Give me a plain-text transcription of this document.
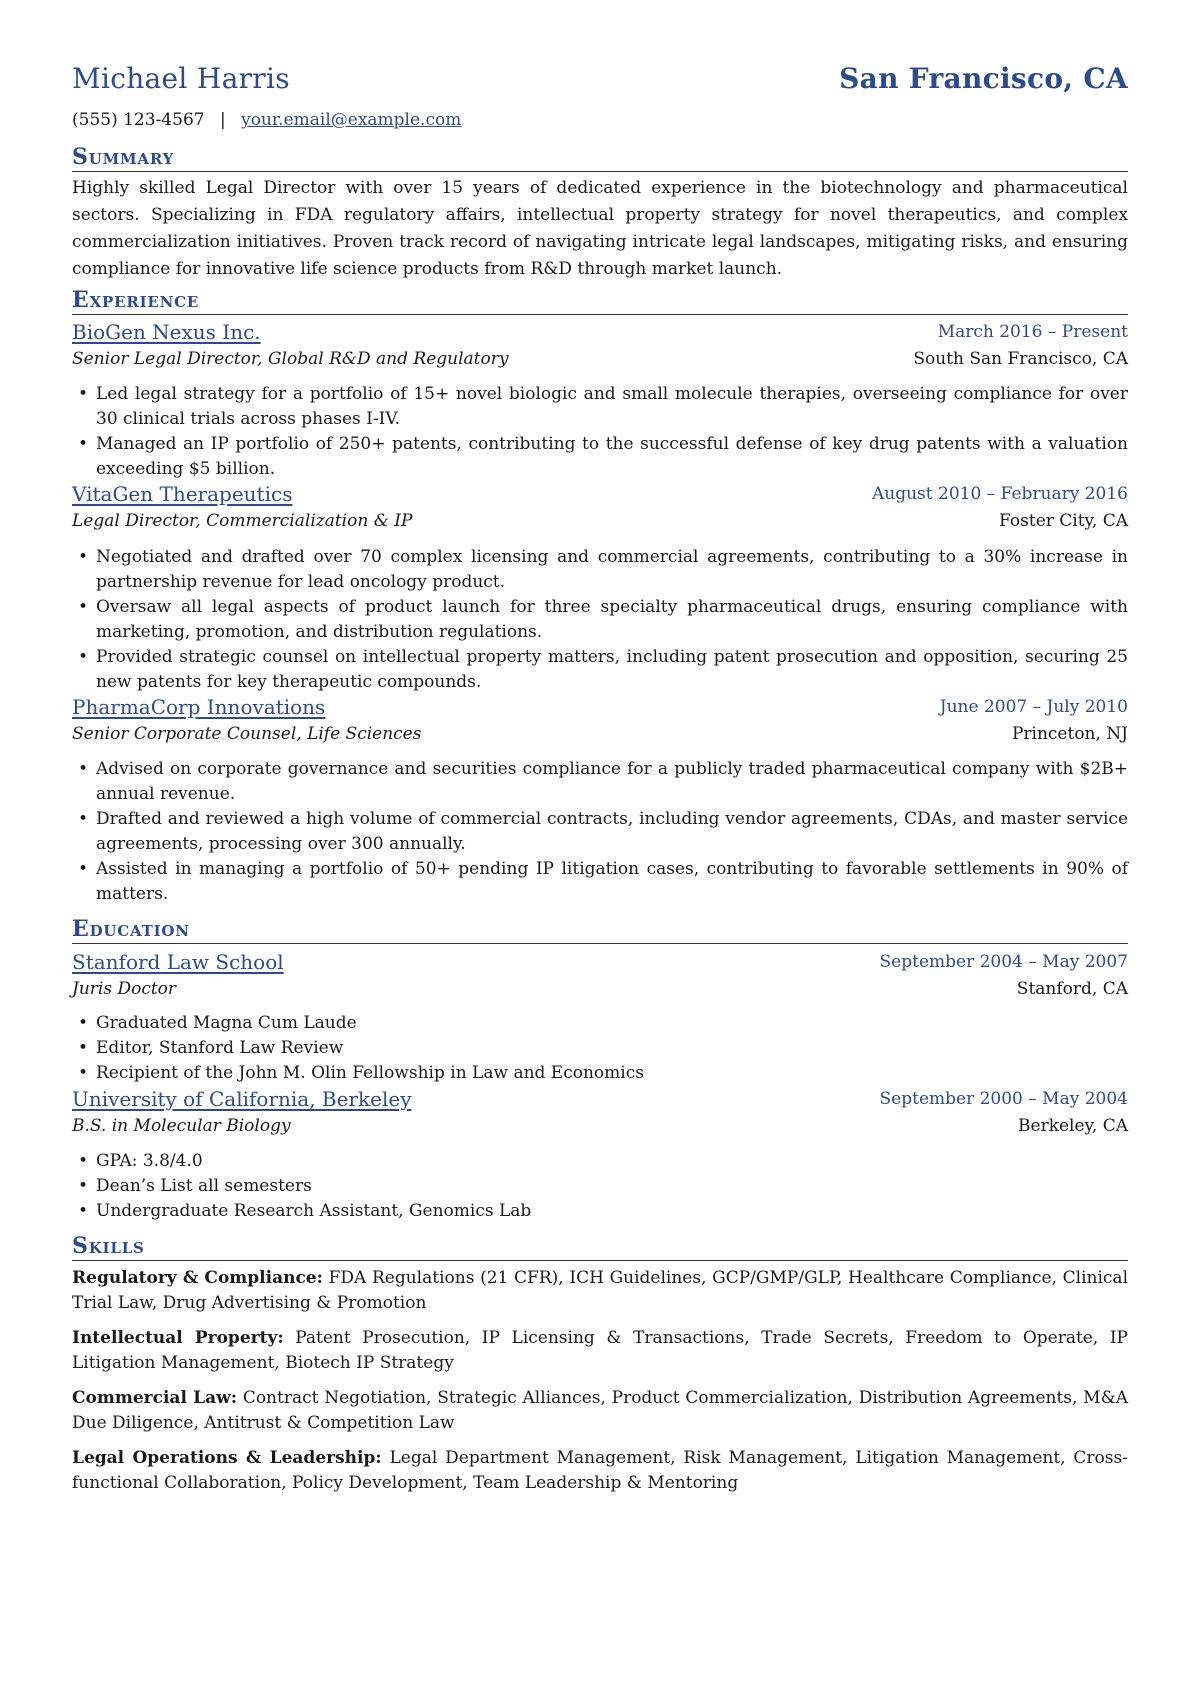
Michael Harris	San Francisco, CA
(555) 123-4567 | your.email@example.com
Summary
Highly skilled Legal Director with over 15 years of dedicated experience in the biotechnology and pharmaceutical sectors. Specializing in FDA regulatory affairs, intellectual property strategy for novel therapeutics, and complex commercialization initiatives. Proven track record of navigating intricate legal landscapes, mitigating risks, and ensuring compliance for innovative life science products from R&D through market launch.
Experience
BioGen Nexus Inc.	March 2016 – Present
Senior Legal Director, Global R&D and Regulatory	South San Francisco, CA
• Led legal strategy for a portfolio of 15+ novel biologic and small molecule therapies, overseeing compliance for over 30 clinical trials across phases I-IV.
• Managed an IP portfolio of 250+ patents, contributing to the successful defense of key drug patents with a valuation exceeding $5 billion.
VitaGen Therapeutics	August 2010 – February 2016
Legal Director, Commercialization & IP	Foster City, CA
• Negotiated and drafted over 70 complex licensing and commercial agreements, contributing to a 30% increase in partnership revenue for lead oncology product.
• Oversaw all legal aspects of product launch for three specialty pharmaceutical drugs, ensuring compliance with marketing, promotion, and distribution regulations.
• Provided strategic counsel on intellectual property matters, including patent prosecution and opposition, securing 25 new patents for key therapeutic compounds.
PharmaCorp Innovations	June 2007 – July 2010
Senior Corporate Counsel, Life Sciences	Princeton, NJ
• Advised on corporate governance and securities compliance for a publicly traded pharmaceutical company with $2B+ annual revenue.
• Drafted and reviewed a high volume of commercial contracts, including vendor agreements, CDAs, and master service agreements, processing over 300 annually.
• Assisted in managing a portfolio of 50+ pending IP litigation cases, contributing to favorable settlements in 90% of matters.
Education
Stanford Law School	September 2004 – May 2007
Juris Doctor	Stanford, CA
• Graduated Magna Cum Laude
• Editor, Stanford Law Review
• Recipient of the John M. Olin Fellowship in Law and Economics
University of California, Berkeley	September 2000 – May 2004
B.S. in Molecular Biology	Berkeley, CA
• GPA: 3.8/4.0
• Dean’s List all semesters
• Undergraduate Research Assistant, Genomics Lab
Skills
Regulatory & Compliance: FDA Regulations (21 CFR), ICH Guidelines, GCP/GMP/GLP, Healthcare Compliance, Clinical Trial Law, Drug Advertising & Promotion
Intellectual Property: Patent Prosecution, IP Licensing & Transactions, Trade Secrets, Freedom to Operate, IP Litigation Management, Biotech IP Strategy
Commercial Law: Contract Negotiation, Strategic Alliances, Product Commercialization, Distribution Agreements, M&A Due Diligence, Antitrust & Competition Law
Legal Operations & Leadership: Legal Department Management, Risk Management, Litigation Management, Cross-functional Collaboration, Policy Development, Team Leadership & Mentoring
